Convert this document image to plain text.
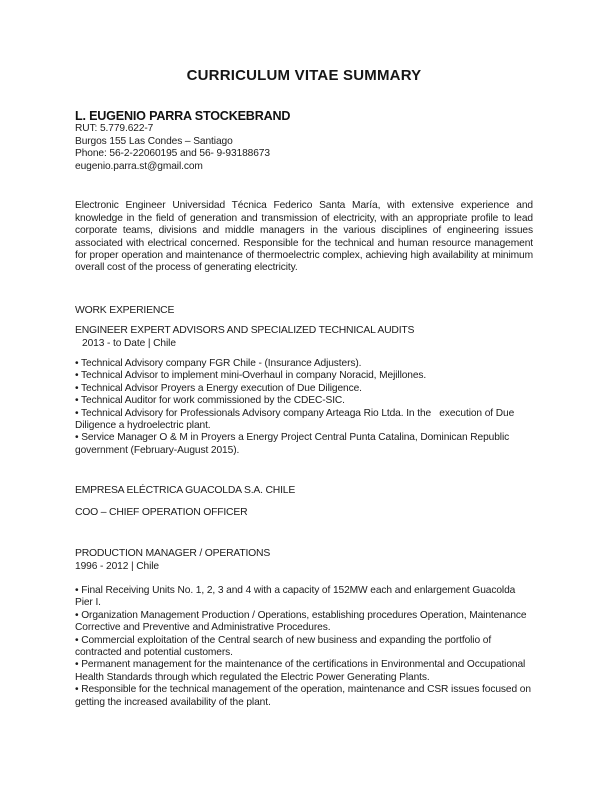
CURRICULUM VITAE SUMMARY

L. EUGENIO PARRA STOCKEBRAND

RUT: 5.779.622-7

Burgos 155 Las Condes – Santiago

Phone: 56-2-22060195 and 56- 9-93188673

eugenio.parra.st@gmail.com

Electronic Engineer Universidad Técnica Federico Santa María, with extensive experience and knowledge in the field of generation and transmission of electricity, with an appropriate profile to lead corporate teams, divisions and middle managers in the various disciplines of engineering issues associated with electrical concerned. Responsible for the technical and human resource management for proper operation and maintenance of thermoelectric complex, achieving high availability at minimum overall cost of the process of generating electricity.

WORK EXPERIENCE

ENGINEER EXPERT ADVISORS AND SPECIALIZED TECHNICAL AUDITS

2013 - to Date | Chile

• Technical Advisory company FGR Chile - (Insurance Adjusters).

• Technical Advisor to implement mini-Overhaul in company Noracid, Mejillones.

• Technical Advisor Proyers a Energy execution of Due Diligence.

• Technical Auditor for work commissioned by the CDEC-SIC.

• Technical Advisory for Professionals Advisory company Arteaga Rio Ltda. In the   execution of Due Diligence a hydroelectric plant.

• Service Manager O & M in Proyers a Energy Project Central Punta Catalina, Dominican Republic government (February-August 2015).

EMPRESA ELÉCTRICA GUACOLDA S.A. CHILE

COO – CHIEF OPERATION OFFICER

PRODUCTION MANAGER / OPERATIONS

1996 - 2012 | Chile

• Final Receiving Units No. 1, 2, 3 and 4 with a capacity of 152MW each and enlargement Guacolda Pier I.

• Organization Management Production / Operations, establishing procedures Operation, Maintenance Corrective and Preventive and Administrative Procedures.

• Commercial exploitation of the Central search of new business and expanding the portfolio of contracted and potential customers.

• Permanent management for the maintenance of the certifications in Environmental and Occupational Health Standards through which regulated the Electric Power Generating Plants.

• Responsible for the technical management of the operation, maintenance and CSR issues focused on getting the increased availability of the plant.
